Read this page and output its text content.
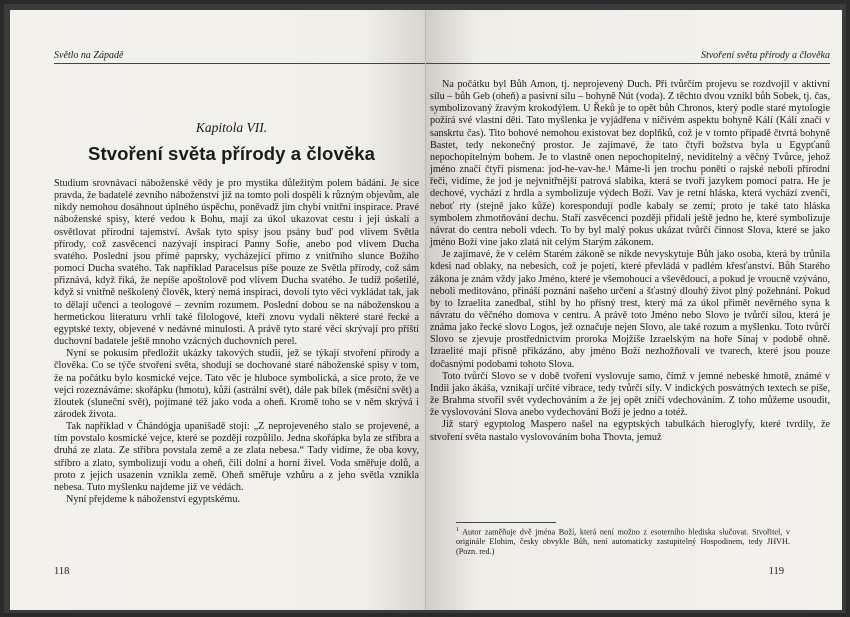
Světlo na Západě
Kapitola VII.
Stvoření světa přírody a člověka

Studium srovnávací náboženské vědy je pro mystika důležitým polem bádání. Je sice pravda, že badatelé zevního náboženství již na tomto poli dospěli k různým objevům, ale nikdy nemohou dosáhnout úplného úspěchu, poněvadž jim chybí vnitřní inspirace. Pravé náboženské spisy, které vedou k Bohu, mají za úkol ukazovat cestu i jeji úskalí a osvětlovat přírodní tajemství. Avšak tyto spisy jsou psány buď pod vlivem Světla přírody, což zasvěcenci nazývají inspirací Panny Sofie, anebo pod vlivem Ducha svatého. Poslední jsou přímé paprsky, vycházející přímo z vnitřního slunce Božího pomocí Ducha svatého. Tak například Paracelsus píše pouze ze Světla přírody, což sám přiznává, když říká, že nepíše apoštolově pod vlivem Ducha svatého. Je tudíž pošetilé, když si vnitřně neškolený člověk, který nemá inspiraci, dovolí tyto věci vykládat tak, jak to dělají učenci a teologové – zevním rozumem. Poslední dobou se na náboženskou a hermetickou literaturu vrhli také filologové, kteří znovu vydali některé staré řecké a egyptské texty, objevené v nedávné minulosti. A právě tyto staré věci skrývají pro příští duchovní badatele ještě mnoho vzácných duchovních perel.

Nyní se pokusím předložit ukázky takových studií, jež se týkají stvoření přírody a člověka. Co se týče stvoření světa, shodují se dochované staré náboženské spisy v tom, že na počátku bylo kosmické vejce. Tato věc je hluboce symbolická, a sice proto, že ve vejci rozeznáváme: skořápku (hmotu), kůži (astrální svět), dále pak bílek (měsíční svět) a žloutek (sluneční svět), pojímané též jako voda a oheň. Kromě toho se v něm skrývá i zárodek života.

Tak například v Čhándógja upanišadě stojí: „Z neprojeveného stalo se projevené, a tím povstalo kosmické vejce, které se později rozpůlilo. Jedna skořápka byla ze stříbra a druhá ze zlata. Ze stříbra povstala země a ze zlata nebesa.“ Tady vidíme, že oba kovy, stříbro a zlato, symbolizují vodu a oheň, čili dolní a horní živel. Voda směřuje dolů, a proto z jejich usazenin vznikla země. Oheň směřuje vzhůru a z jeho světla vznikla nebesa. Tuto myšlenku najdeme již ve védách.

Nyní přejdeme k náboženství egyptskému.

118
Stvoření světa přírody a člověka

Na počátku byl Bůh Amon, tj. neprojevený Duch. Při tvůrčím projevu se rozdvojil v aktivní sílu – bůh Geb (oheň) a pasivní sílu – bohyně Nút (voda). Z těchto dvou vznikl bůh Sobek, tj. čas, symbolizovaný žravým krokodýlem. U Řeků je to opět bůh Chronos, který podle staré mytologie požírá své vlastní děti. Tato myšlenka je vyjádřena v ničivém aspektu bohyně Kálí (Kálí značí v sanskrtu čas). Tito bohové nemohou existovat bez doplňků, což je v tomto případě čtvrtá bohyně Bastet, tedy nekonečný prostor. Je zajímavé, že tato čtyři božstva byla u Egypťanů nepochopitelným bohem. Je to vlastně onen nepochopitelný, neviditelný a věčný Tvůrce, jehož jméno značí čtyři písmena: jod-he-vav-he.¹ Máme-li jen trochu ponětí o rajské neboli přírodní řeči, vidíme, že jod je nejvnitřnější patrová slabika, která se tvoří jazykem pomocí patra. He je dechové, vychází z hrdla a symbolizuje výdech Boží. Vav je retní hláska, která vychází zvenčí, neboť rty (stejně jako kůže) korespondují podle kabaly se zemí; proto je také tato hláska symbolem zhmotňování dechu. Staří zasvěcenci později přidali ještě jedno he, které symbolizuje návrat do centra neboli vdech. To by byl malý pokus ukázat tvůrčí činnost Slova, které se jako jméno Boží vine jako zlatá nit celým Starým zákonem.

Je zajímavé, že v celém Starém zákoně se nikde nevyskytuje Bůh jako osoba, která by trůnila kdesi nad oblaky, na nebesích, což je pojetí, které převládá v padlém křesťanství. Bůh Starého zákona je znám vždy jako Jméno, které je všemohoucí a vševědoucí, a pokud je vroucně vzýváno, neboli meditováno, přináší poznání našeho určení a šťastný dlouhý život plný požehnání. Pokud by to Izraelita zanedbal, stihl by ho přísný trest, který má za úkol přimět nevěrného syna k návratu do věčného domova v centru. A právě toto Jméno nebo Slovo je tvůrčí silou, která je známa jako řecké slovo Logos, jež označuje nejen Slovo, ale také rozum a myšlenku. Toto tvůrčí Slovo se zjevuje prostřednictvím proroka Mojžíše Izraelským na hoře Sínaj v podobě ohně. Izraelité mají přísně přikázáno, aby jméno Boží nezhožňovali ve tvarech, které jsou pouze dočasnými podobami tohoto Slova.

Toto tvůrčí Slovo se v době tvoření vyslovuje samo, čímž v jemné nebeské hmotě, známé v Indii jako ákáša, vznikají určité vibrace, tedy tvůrčí síly. V indických posvátných textech se píše, že Brahma stvořil svět vydechováním a že jej opět zničí vdechováním. Z toho můžeme usoudit, že vyslovování Slova anebo vydechování Boží je jedno a totéž.

Již starý egyptolog Maspero našel na egyptských tabulkách hieroglyfy, které tvrdily, že stvoření světa nastalo vyslovováním boha Thovta, jemuž

$^1$ Autor zaměňuje dvě jména Boží, která není možno z esoterního hlediska slučovat. Stvořitel, v originále Elohim, česky obvykle Bůh, není automaticky zastupitelný Hospodinem, tedy JHVH. (Pozn. red.)

119
